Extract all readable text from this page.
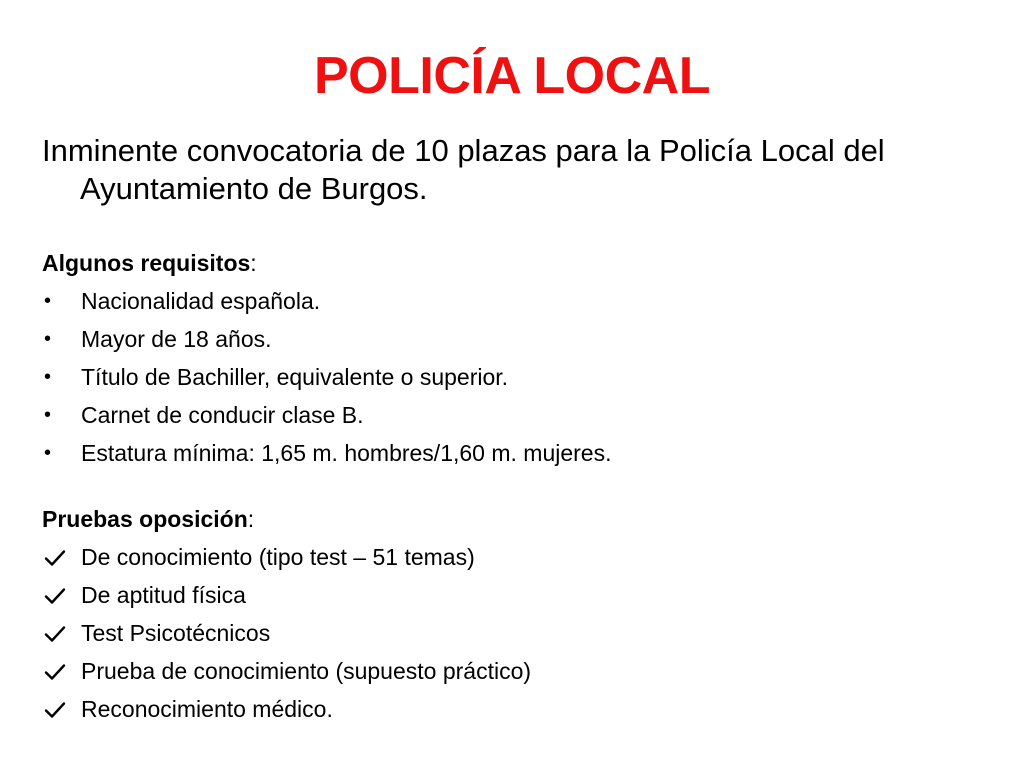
POLICÍA LOCAL
Inminente convocatoria de 10 plazas para la Policía Local del Ayuntamiento de Burgos.
Algunos requisitos:
•	Nacionalidad española.
•	Mayor de 18 años.
•	Título de Bachiller, equivalente o superior.
•	Carnet de conducir clase B.
•	Estatura mínima: 1,65 m. hombres/1,60 m. mujeres.
Pruebas oposición:
De conocimiento (tipo test – 51 temas)
De aptitud física
Test Psicotécnicos
Prueba de conocimiento (supuesto práctico)
Reconocimiento médico.
